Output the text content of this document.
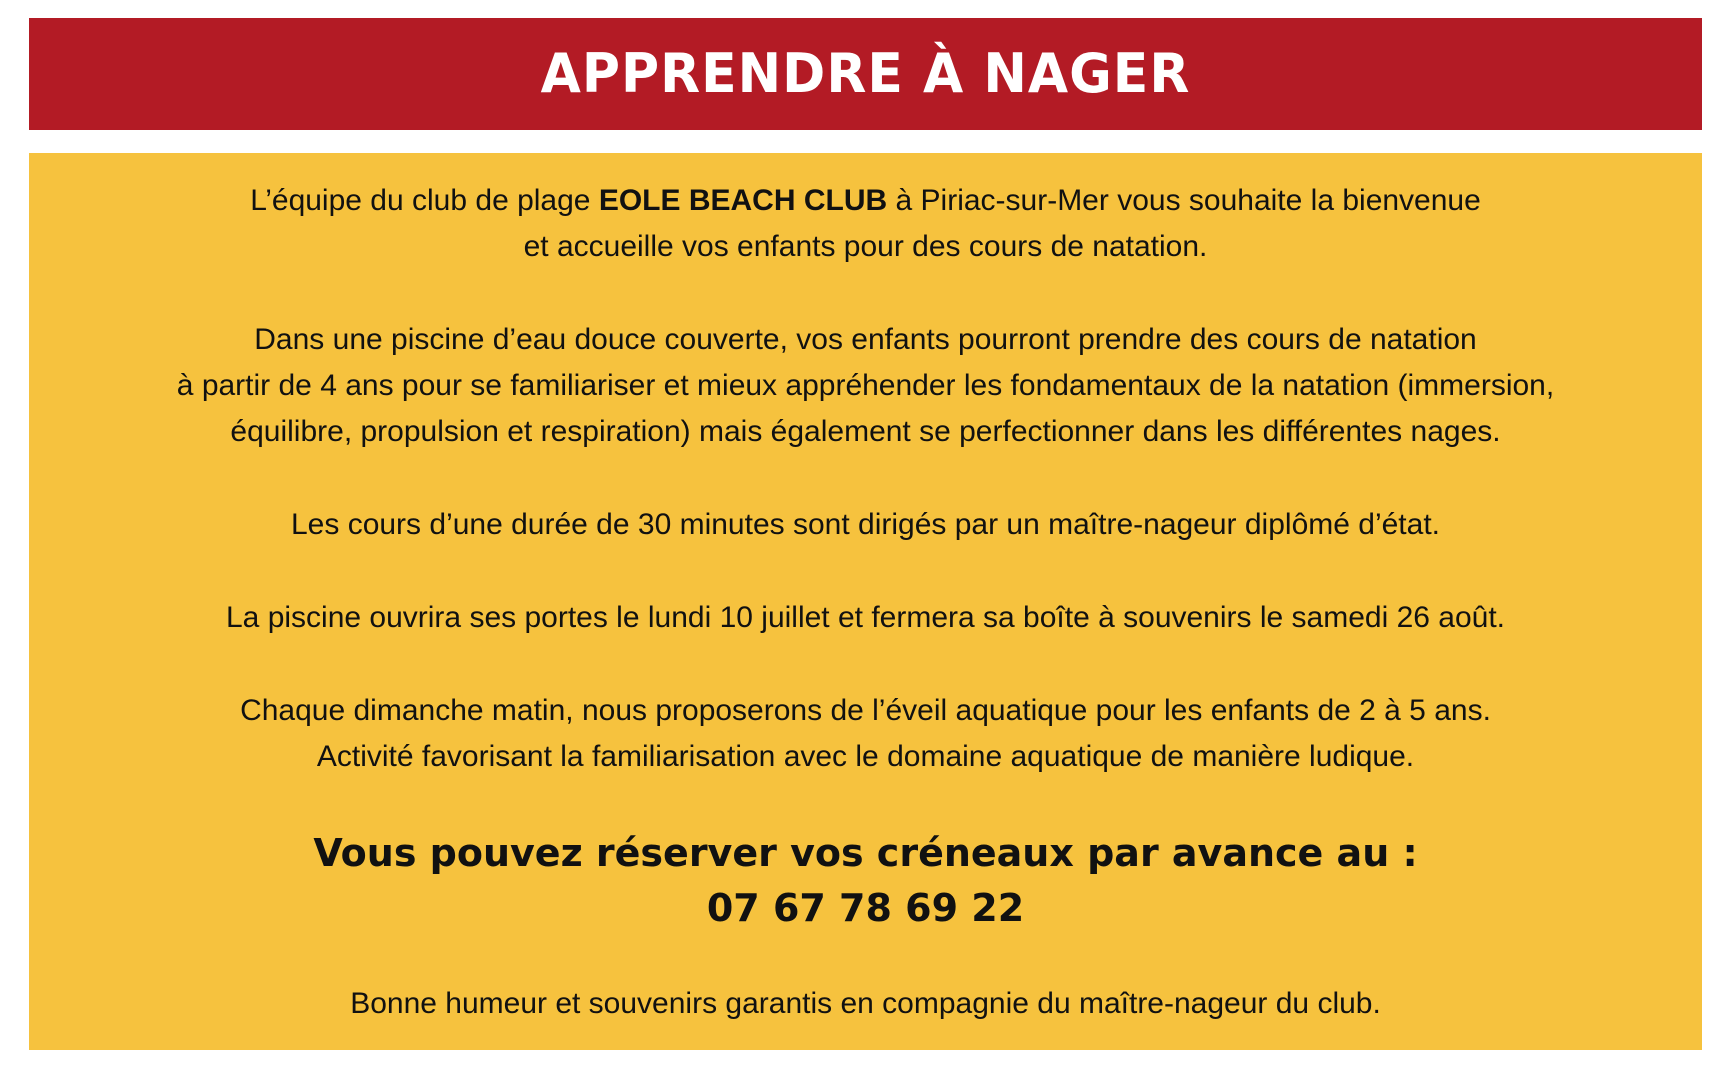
APPRENDRE À NAGER

L’équipe du club de plage EOLE BEACH CLUB à Piriac-sur-Mer vous souhaite la bienvenue
et accueille vos enfants pour des cours de natation.

Dans une piscine d’eau douce couverte, vos enfants pourront prendre des cours de natation
à partir de 4 ans pour se familiariser et mieux appréhender les fondamentaux de la natation (immersion,
équilibre, propulsion et respiration) mais également se perfectionner dans les différentes nages.

Les cours d’une durée de 30 minutes sont dirigés par un maître-nageur diplômé d’état.

La piscine ouvrira ses portes le lundi 10 juillet et fermera sa boîte à souvenirs le samedi 26 août.

Chaque dimanche matin, nous proposerons de l’éveil aquatique pour les enfants de 2 à 5 ans.
Activité favorisant la familiarisation avec le domaine aquatique de manière ludique.

Vous pouvez réserver vos créneaux par avance au :
07 67 78 69 22

Bonne humeur et souvenirs garantis en compagnie du maître-nageur du club.
